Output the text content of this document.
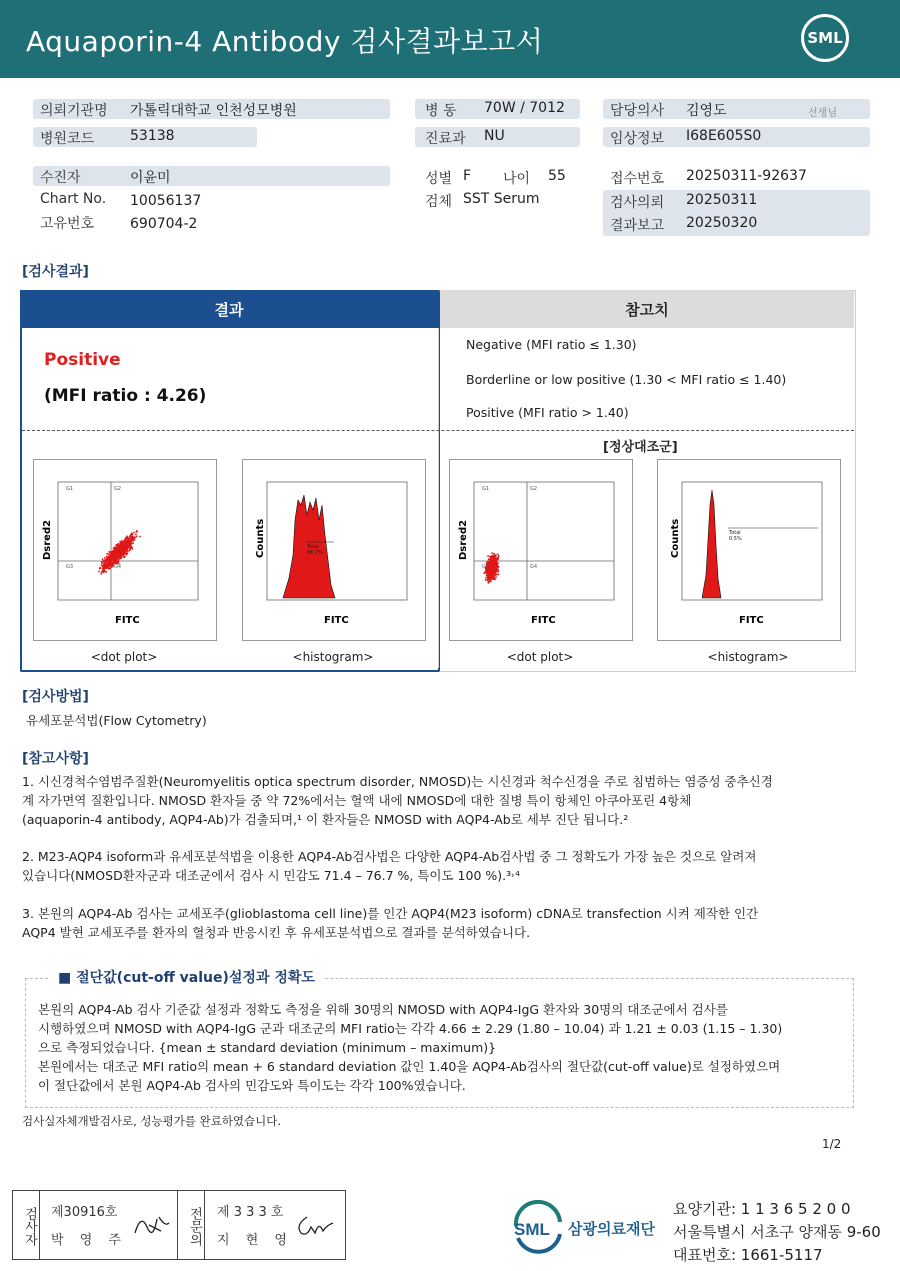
Aquaporin-4 Antibody 검사결과보고서	SML
의뢰기관명 가톨릭대학교 인천성모병원
병원코드	53138
병 동 70W / 7012
진료과 NU
담당의사 김영도	선생님
임상정보 I68E605S0
수진자	이윤미
Chart No. 10056137
고유번호	690704-2
성별 F 나이 55
검체 SST Serum
접수번호 20250311-92637
검사의뢰 20250311
결과보고 20250320
[검사결과]
참고치
결과
Positive
(MFI ratio : 4.26)
Negative (MFI ratio ≤ 1.30)
Borderline or low positive (1.30 < MFI ratio ≤ 1.40)
Positive (MFI ratio > 1.40)
[정상대조군]
G1	G2
G3	G4
Dsred2
FITC
<dot plot>
Total
96.7%
Counts
FITC
<histogram>
G1	G2
G3	G4
Dsred2
FITC
<dot plot>
Total
0.5%
Counts
FITC
<histogram>
[검사방법]
유세포분석법(Flow Cytometry)
[참고사항]
1. 시신경척수염범주질환(Neuromyelitis optica spectrum disorder, NMOSD)는 시신경과 척수신경을 주로 침범하는 염증성 중추신경
계 자가면역 질환입니다. NMOSD 환자들 중 약 72%에서는 혈액 내에 NMOSD에 대한 질병 특이 항체인 아쿠아포린 4항체
(aquaporin-4 antibody, AQP4-Ab)가 검출되며,¹ 이 환자들은 NMOSD with AQP4-Ab로 세부 진단 됩니다.²
2. M23-AQP4 isoform과 유세포분석법을 이용한 AQP4-Ab검사법은 다양한 AQP4-Ab검사법 중 그 정확도가 가장 높은 것으로 알려져
있습니다(NMOSD환자군과 대조군에서 검사 시 민감도 71.4 – 76.7 %, 특이도 100 %).³˒⁴
3. 본원의 AQP4-Ab 검사는 교세포주(glioblastoma cell line)를 인간 AQP4(M23 isoform) cDNA로 transfection 시켜 제작한 인간
AQP4 발현 교세포주를 환자의 혈청과 반응시킨 후 유세포분석법으로 결과를 분석하였습니다.
■ 절단값(cut-off value)설정과 정확도
본원의 AQP4-Ab 검사 기준값 설정과 정확도 측정을 위해 30명의 NMOSD with AQP4-IgG 환자와 30명의 대조군에서 검사를
시행하였으며 NMOSD with AQP4-IgG 군과 대조군의 MFI ratio는 각각 4.66 ± 2.29 (1.80 – 10.04) 과 1.21 ± 0.03 (1.15 – 1.30)
으로 측정되었습니다. {mean ± standard deviation (minimum – maximum)}
본원에서는 대조군 MFI ratio의 mean + 6 standard deviation 값인 1.40을 AQP4-Ab검사의 절단값(cut-off value)로 설정하였으며
이 절단값에서 본원 AQP4-Ab 검사의 민감도와 특이도는 각각 100%였습니다.
검사실자체개발검사로, 성능평가를 완료하였습니다.
1/2
검사자 제30916호
박 영 주	전문의 제 3 3 3 호
지 현 영
SML 삼광의료재단
요양기관: 1 1 3 6 5 2 0 0
서울특별시 서초구 양재동 9-60
대표번호: 1661-5117
